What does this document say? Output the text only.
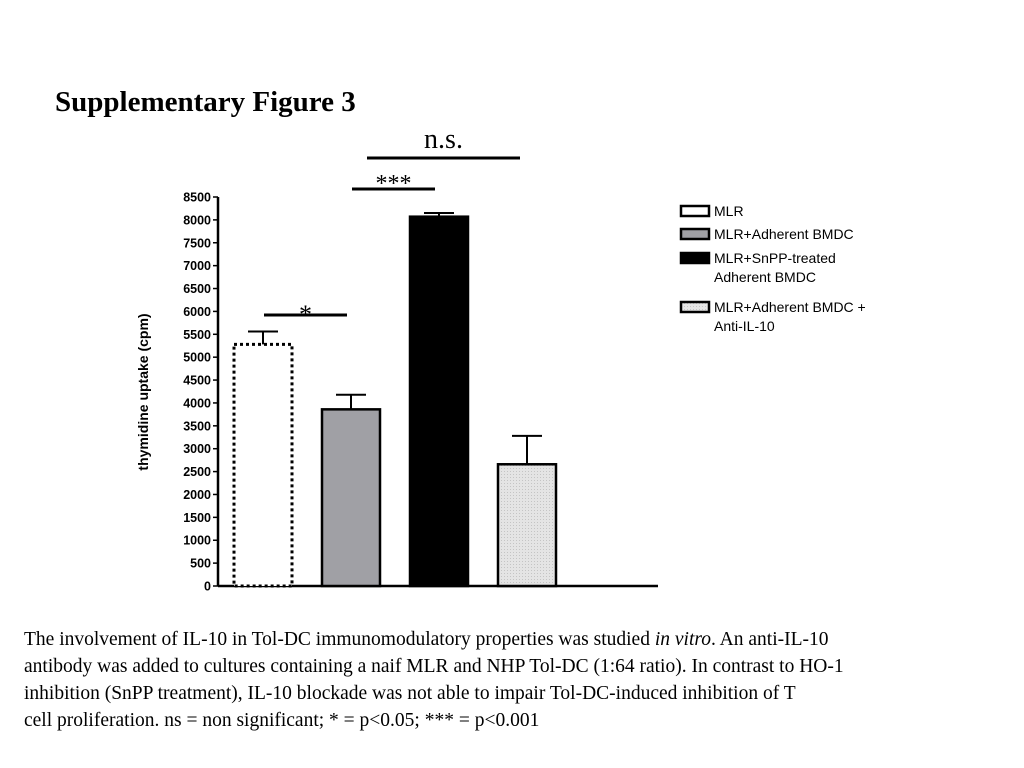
Supplementary Figure 3
0
500
1000
1500
2000
2500
3000
3500
4000
4500
5000
5500
6000
6500
7000
7500
8000
8500
*
***
n.s.
MLR
MLR+Adherent BMDC
MLR+SnPP-treated
Adherent BMDC
MLR+Adherent BMDC +
Anti-IL-10
thymidine uptake (cpm)
The involvement of IL-10 in Tol-DC immunomodulatory properties was studied in vitro. An anti-IL-10
antibody was added to cultures containing a naif MLR and NHP Tol-DC (1:64 ratio). In contrast to HO-1
inhibition (SnPP treatment), IL-10 blockade was not able to impair Tol-DC-induced inhibition of T
cell proliferation. ns = non significant; * = p<0.05; *** = p<0.001
